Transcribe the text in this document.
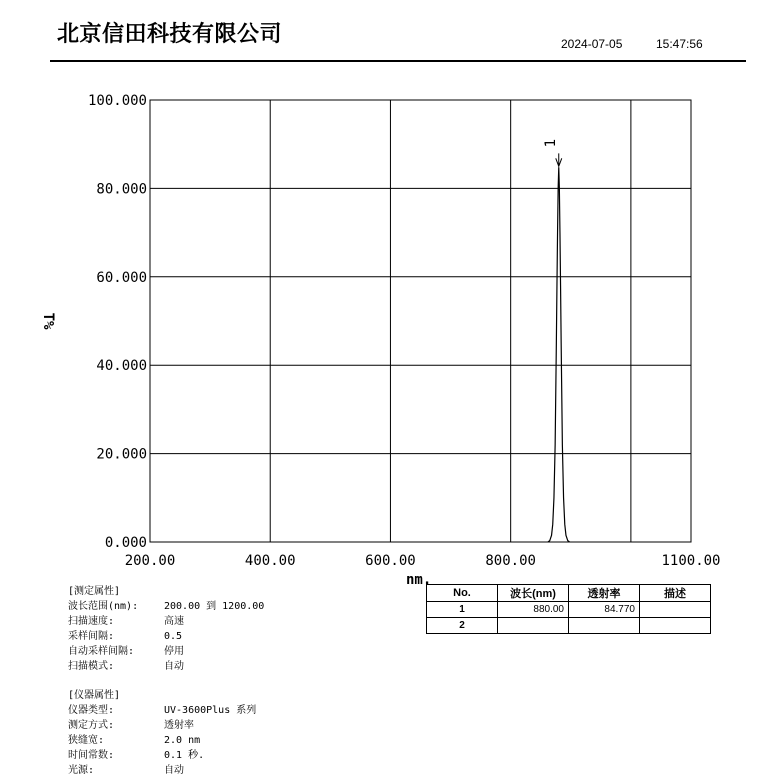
北京信田科技有限公司	2024-07-05	15:47:56
100.000
80.000
60.000
40.000
20.000
0.000
200.00	400.00	600.00	800.00	1100.00
T%
nm.
1
[测定属性]
波长范围(nm):	200.00 到 1200.00
扫描速度:	高速
采样间隔:	0.5
自动采样间隔:	停用
扫描模式:	自动
[仪器属性]
仪器类型:	UV-3600Plus 系列
测定方式:	透射率
狭缝宽:	2.0 nm
时间常数:	0.1 秒.
光源:	自动
No.	波长(nm)	透射率	描述
1	880.00	84.770	
2			
